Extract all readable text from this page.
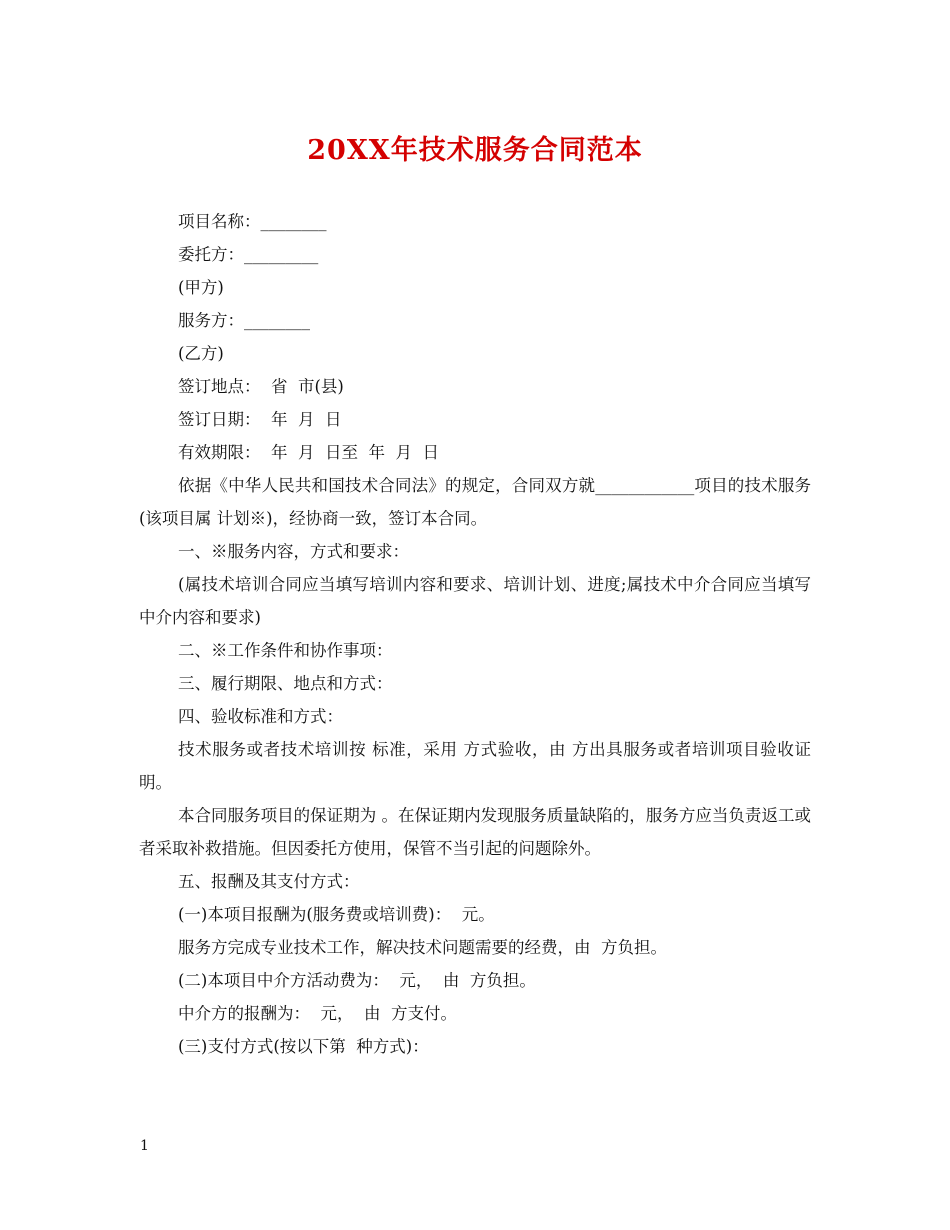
20XX年技术服务合同范本
项目名称：________
委托方：_________
(甲方)
服务方：________
(乙方)
签订地点：  省  市(县)
签订日期：  年  月  日
有效期限：  年  月  日至  年  月  日
依据《中华人民共和国技术合同法》的规定，合同双方就____________项目的技术服务(该项目属 计划※)，经协商一致，签订本合同。
一、※服务内容，方式和要求：
(属技术培训合同应当填写培训内容和要求、培训计划、进度;属技术中介合同应当填写中介内容和要求)
二、※工作条件和协作事项：
三、履行期限、地点和方式：
四、验收标准和方式：
技术服务或者技术培训按 标准，采用 方式验收，由 方出具服务或者培训项目验收证明。
本合同服务项目的保证期为 。在保证期内发现服务质量缺陷的，服务方应当负责返工或者采取补救措施。但因委托方使用，保管不当引起的问题除外。
五、报酬及其支付方式：
(一)本项目报酬为(服务费或培训费)：  元。
服务方完成专业技术工作，解决技术问题需要的经费，由  方负担。
(二)本项目中介方活动费为：  元，  由  方负担。
中介方的报酬为：  元，  由  方支付。
(三)支付方式(按以下第  种方式)：
1
